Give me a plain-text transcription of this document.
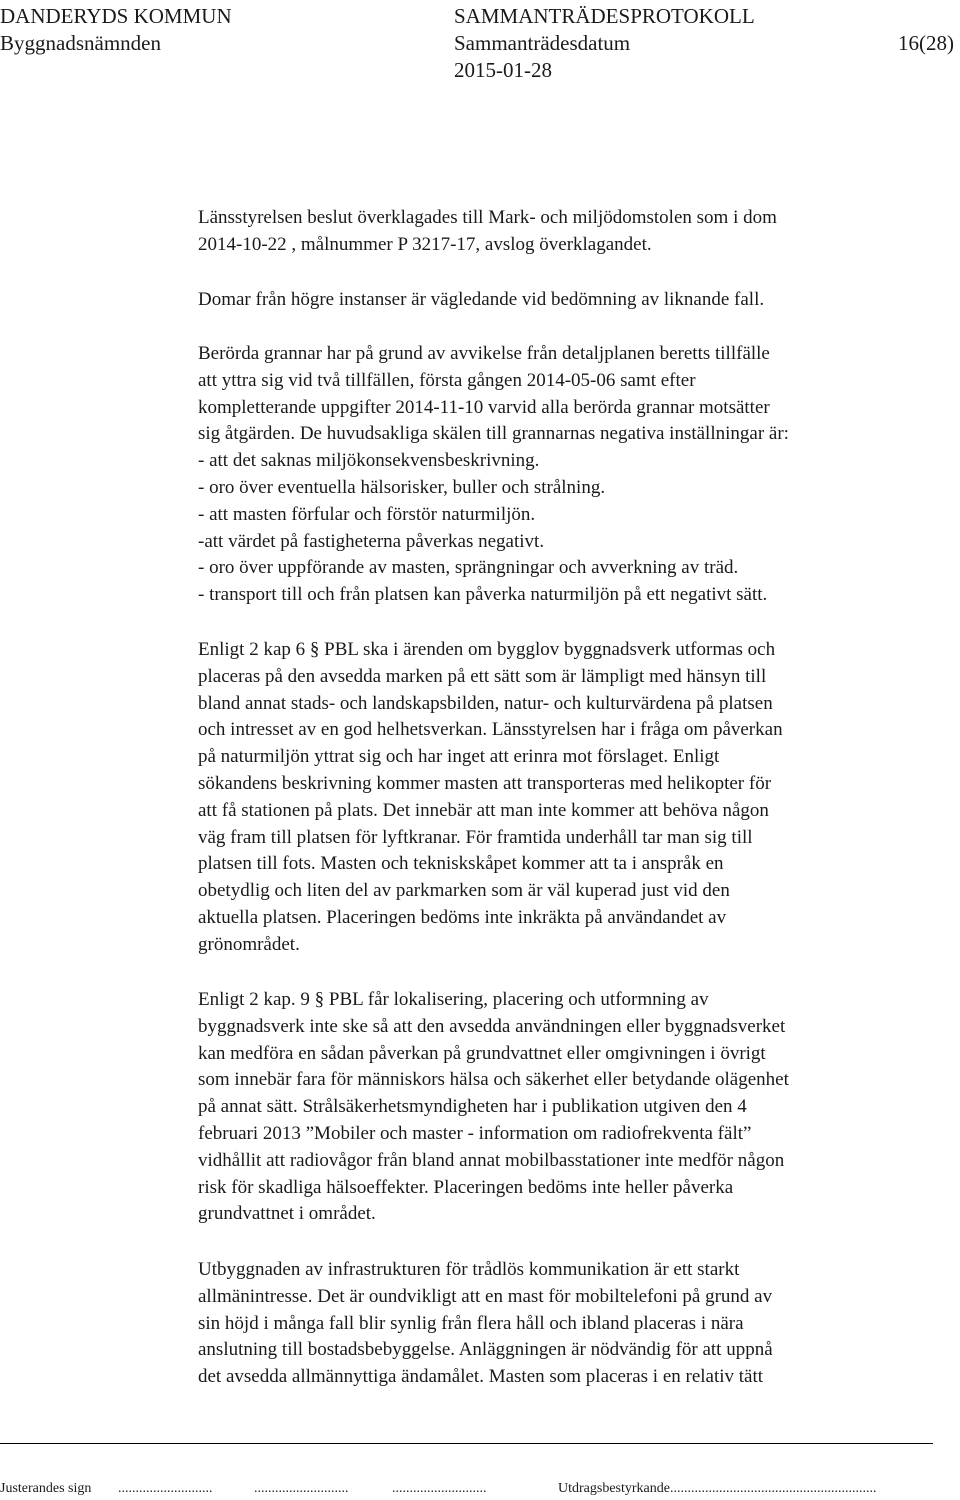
DANDERYDS KOMMUN
Byggnadsnämnden
SAMMANTRÄDESPROTOKOLL
Sammanträdesdatum
2015-01-28
16(28)
Länsstyrelsen beslut överklagades till Mark- och miljödomstolen som i dom
2014-10-22 , målnummer P 3217-17, avslog överklagandet.
Domar från högre instanser är vägledande vid bedömning av liknande fall.
Berörda grannar har på grund av avvikelse från detaljplanen beretts tillfälle
att yttra sig vid två tillfällen, första gången 2014-05-06 samt efter
kompletterande uppgifter 2014-11-10 varvid alla berörda grannar motsätter
sig åtgärden. De huvudsakliga skälen till grannarnas negativa inställningar är:
- att det saknas miljökonsekvensbeskrivning.
- oro över eventuella hälsorisker, buller och strålning.
- att masten förfular och förstör naturmiljön.
-att värdet på fastigheterna påverkas negativt.
- oro över uppförande av masten, sprängningar och avverkning av träd.
- transport till och från platsen kan påverka naturmiljön på ett negativt sätt.
Enligt 2 kap 6 § PBL ska i ärenden om bygglov byggnadsverk utformas och
placeras på den avsedda marken på ett sätt som är lämpligt med hänsyn till
bland annat stads- och landskapsbilden, natur- och kulturvärdena på platsen
och intresset av en god helhetsverkan. Länsstyrelsen har i fråga om påverkan
på naturmiljön yttrat sig och har inget att erinra mot förslaget. Enligt
sökandens beskrivning kommer masten att transporteras med helikopter för
att få stationen på plats. Det innebär att man inte kommer att behöva någon
väg fram till platsen för lyftkranar. För framtida underhåll tar man sig till
platsen till fots. Masten och tekniskskåpet kommer att ta i anspråk en
obetydlig och liten del av parkmarken som är väl kuperad just vid den
aktuella platsen. Placeringen bedöms inte inkräkta på användandet av
grönområdet.
Enligt 2 kap. 9 § PBL får lokalisering, placering och utformning av
byggnadsverk inte ske så att den avsedda användningen eller byggnadsverket
kan medföra en sådan påverkan på grundvattnet eller omgivningen i övrigt
som innebär fara för människors hälsa och säkerhet eller betydande olägenhet
på annat sätt. Strålsäkerhetsmyndigheten har i publikation utgiven den 4
februari 2013 ”Mobiler och master - information om radiofrekventa fält”
vidhållit att radiovågor från bland annat mobilbasstationer inte medför någon
risk för skadliga hälsoeffekter. Placeringen bedöms inte heller påverka
grundvattnet i området.
Utbyggnaden av infrastrukturen för trådlös kommunikation är ett starkt
allmänintresse. Det är oundvikligt att en mast för mobiltelefoni på grund av
sin höjd i många fall blir synlig från flera håll och ibland placeras i nära
anslutning till bostadsbebyggelse. Anläggningen är nödvändig för att uppnå
det avsedda allmännyttiga ändamålet. Masten som placeras i en relativ tätt
Justerandes sign ...........................	...........................	...........................	Utdragsbestyrkande...........................................................
